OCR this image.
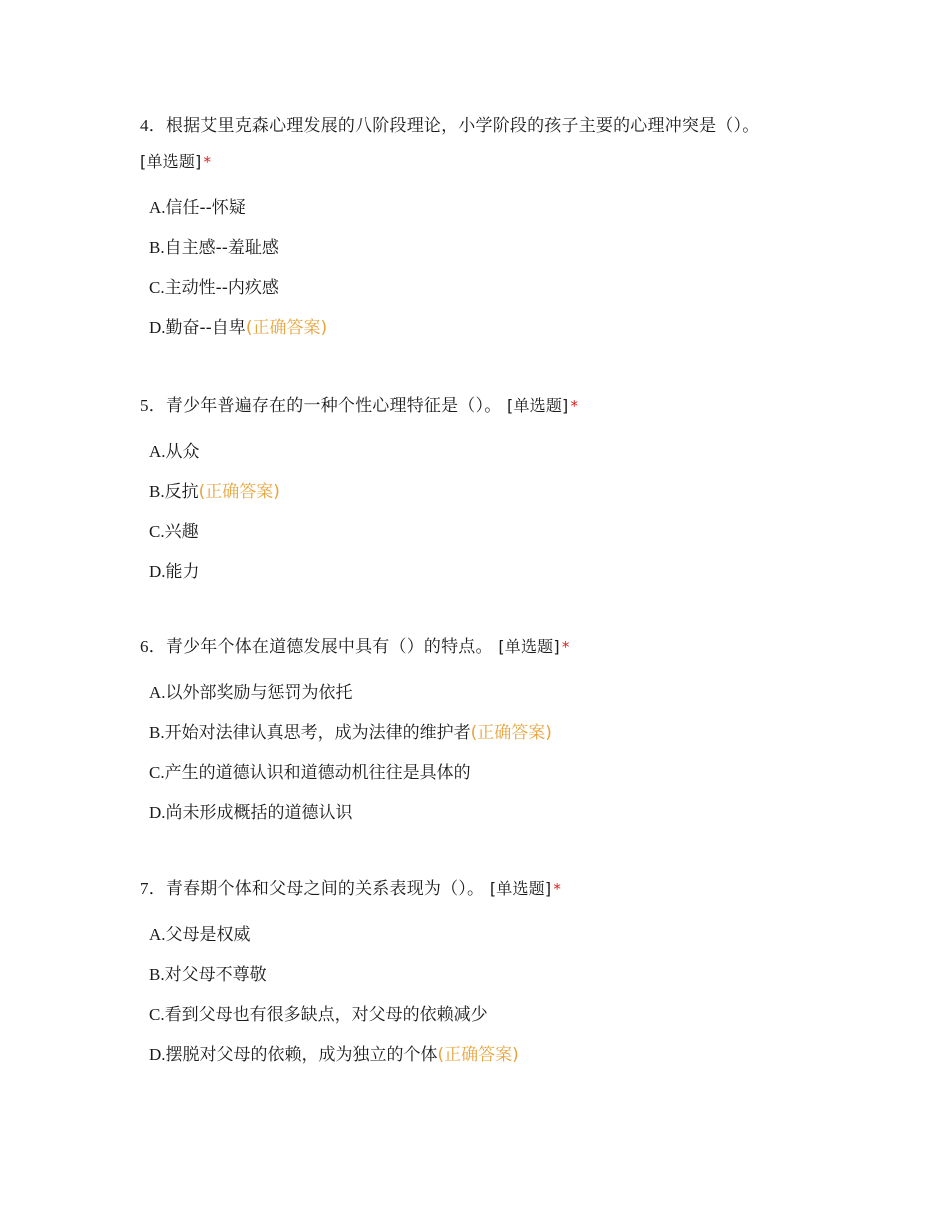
4．根据艾里克森心理发展的八阶段理论，小学阶段的孩子主要的心理冲突是（）。 [单选题] *

A.信任--怀疑
B.自主感--羞耻感
C.主动性--内疚感
D.勤奋--自卑(正确答案)

5．青少年普遍存在的一种个性心理特征是（）。 [单选题] *

A.从众
B.反抗(正确答案)
C.兴趣
D.能力

6．青少年个体在道德发展中具有（）的特点。 [单选题] *

A.以外部奖励与惩罚为依托
B.开始对法律认真思考，成为法律的维护者(正确答案)
C.产生的道德认识和道德动机往往是具体的
D.尚未形成概括的道德认识

7．青春期个体和父母之间的关系表现为（）。 [单选题] *

A.父母是权威
B.对父母不尊敬
C.看到父母也有很多缺点，对父母的依赖减少
D.摆脱对父母的依赖，成为独立的个体(正确答案)
